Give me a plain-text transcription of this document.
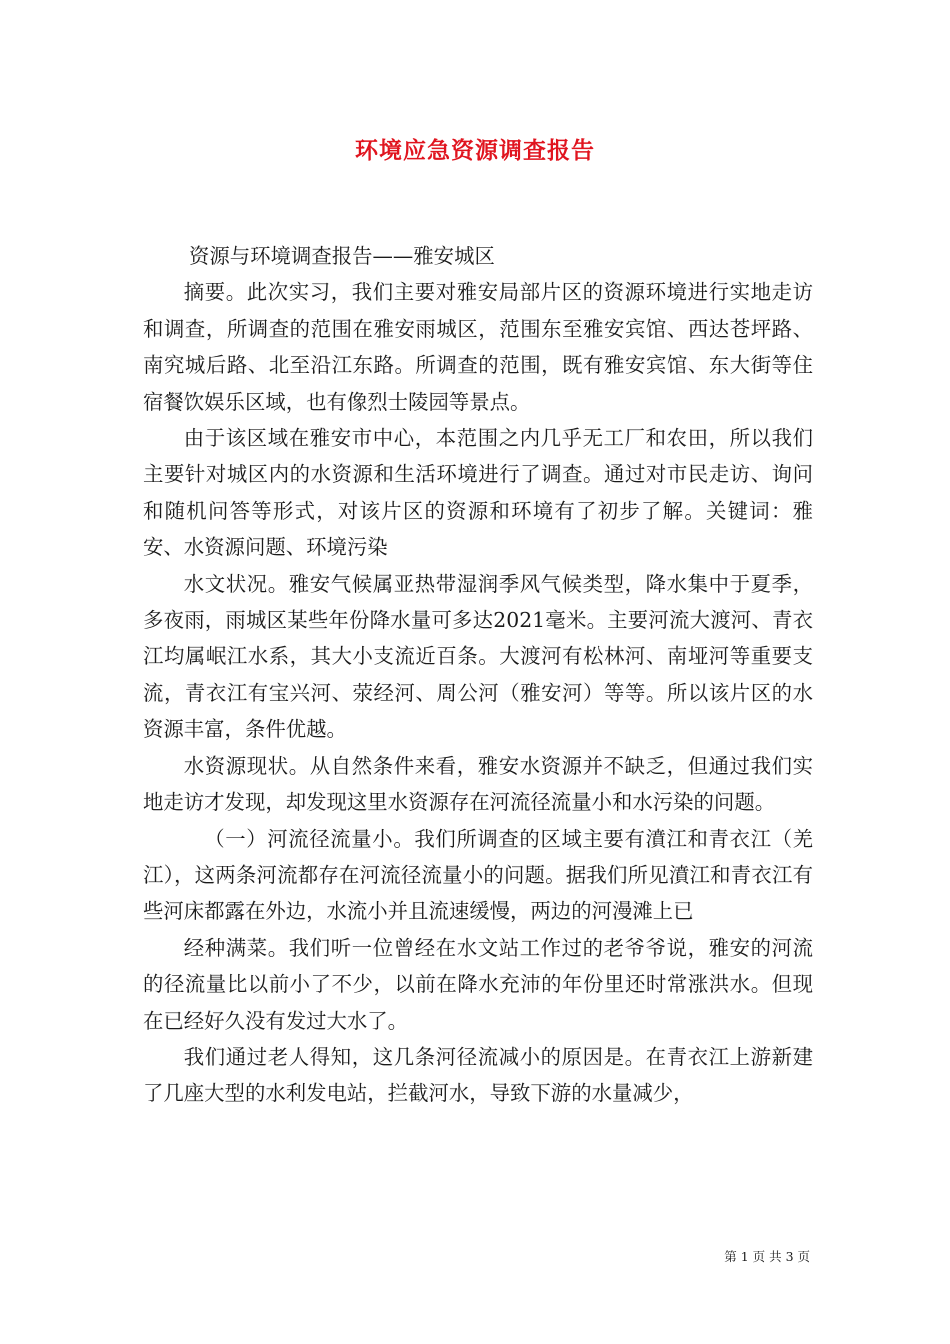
环境应急资源调查报告

资源与环境调查报告——雅安城区

摘要。此次实习，我们主要对雅安局部片区的资源环境进行实地走访和调查，所调查的范围在雅安雨城区，范围东至雅安宾馆、西达苍坪路、南究城后路、北至沿江东路。所调查的范围，既有雅安宾馆、东大街等住宿餐饮娱乐区域，也有像烈士陵园等景点。

由于该区域在雅安市中心，本范围之内几乎无工厂和农田，所以我们主要针对城区内的水资源和生活环境进行了调查。通过对市民走访、询问和随机问答等形式，对该片区的资源和环境有了初步了解。关键词：雅安、水资源问题、环境污染

水文状况。雅安气候属亚热带湿润季风气候类型，降水集中于夏季，多夜雨，雨城区某些年份降水量可多达2021毫米。主要河流大渡河、青衣江均属岷江水系，其大小支流近百条。大渡河有松林河、南垭河等重要支流，青衣江有宝兴河、荥经河、周公河（雅安河）等等。所以该片区的水资源丰富，条件优越。

水资源现状。从自然条件来看，雅安水资源并不缺乏，但通过我们实地走访才发现，却发现这里水资源存在河流径流量小和水污染的问题。

（一）河流径流量小。我们所调查的区域主要有濆江和青衣江（羌江），这两条河流都存在河流径流量小的问题。据我们所见濆江和青衣江有些河床都露在外边，水流小并且流速缓慢，两边的河漫滩上已

经种满菜。我们听一位曾经在水文站工作过的老爷爷说，雅安的河流的径流量比以前小了不少，以前在降水充沛的年份里还时常涨洪水。但现在已经好久没有发过大水了。

我们通过老人得知，这几条河径流减小的原因是。在青衣江上游新建了几座大型的水利发电站，拦截河水，导致下游的水量减少，

第 1 页 共 3 页
